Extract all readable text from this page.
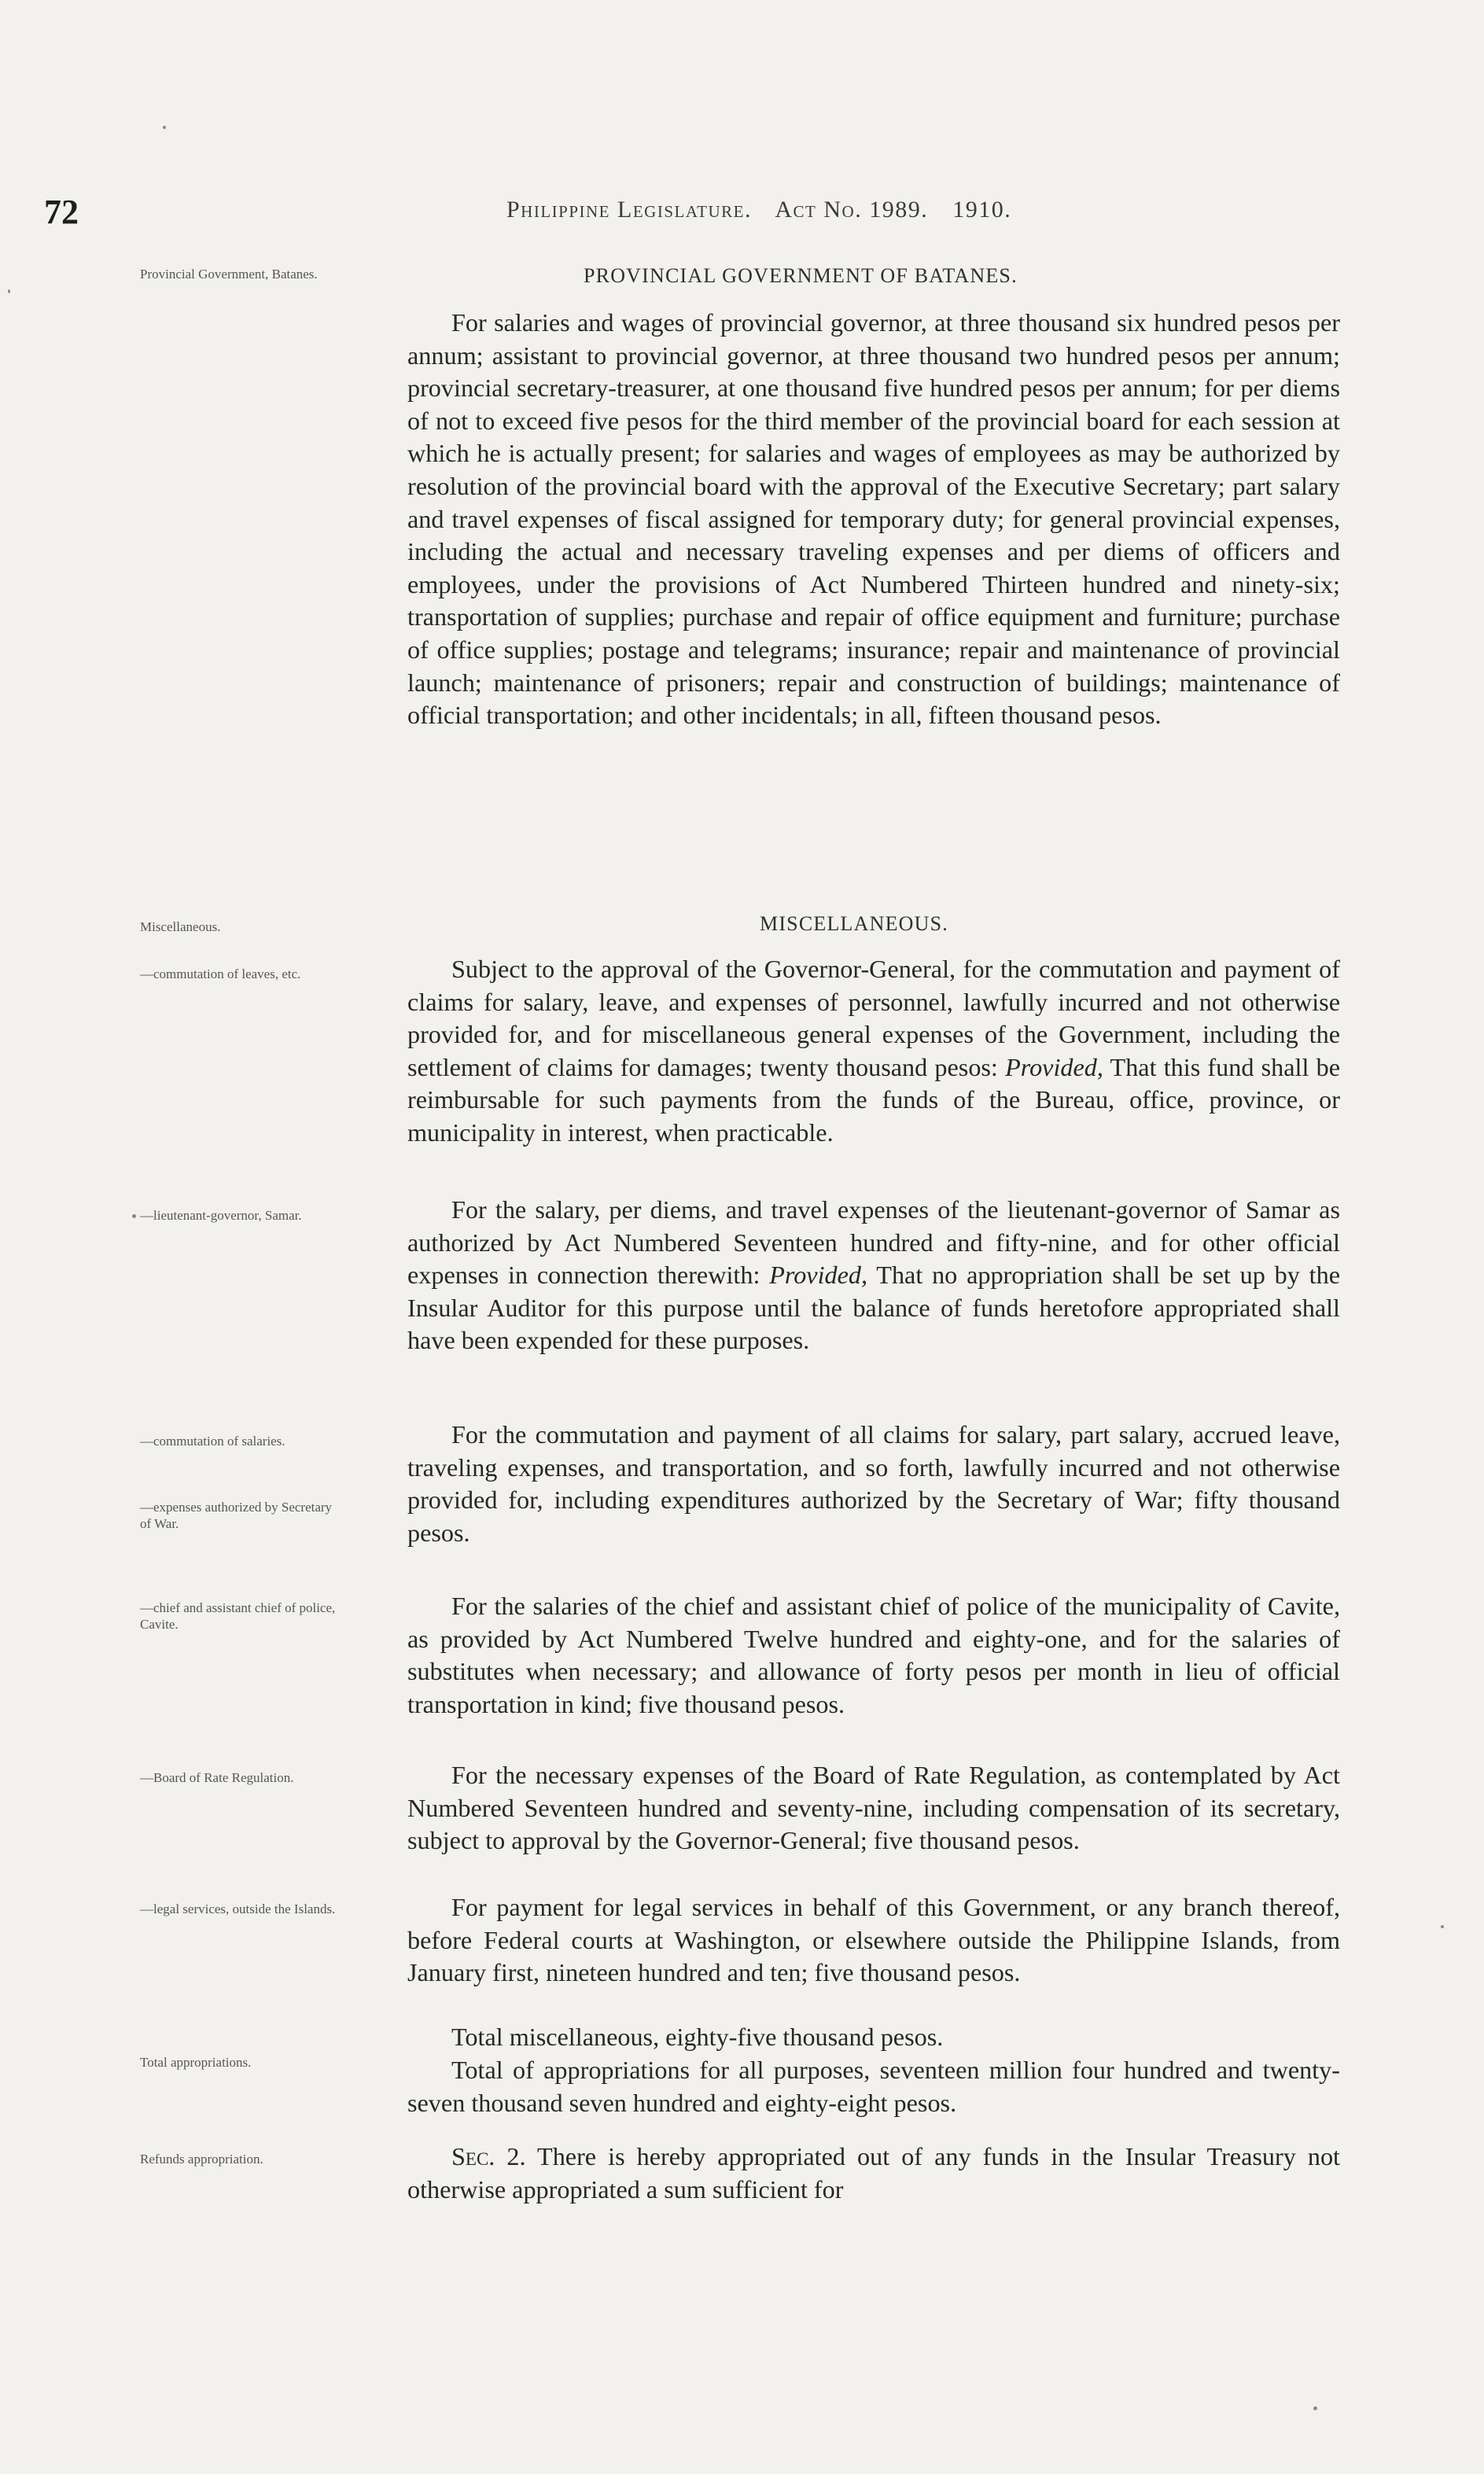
72	Philippine Legislature. Act No. 1989. 1910.
Provincial Government, Batanes.	PROVINCIAL GOVERNMENT OF BATANES.

For salaries and wages of provincial governor, at three thousand six hundred pesos per annum; assistant to provincial governor, at three thousand two hundred pesos per annum; provincial secretary-treasurer, at one thousand five hundred pesos per annum; for per diems of not to exceed five pesos for the third member of the provincial board for each session at which he is actually present; for salaries and wages of employees as may be authorized by resolution of the provincial board with the approval of the Executive Secretary; part salary and travel expenses of fiscal assigned for temporary duty; for general provincial expenses, including the actual and necessary traveling expenses and per diems of officers and employees, under the provisions of Act Numbered Thirteen hundred and ninety-six; transportation of supplies; purchase and repair of office equipment and furniture; purchase of office supplies; postage and telegrams; insurance; repair and maintenance of provincial launch; maintenance of prisoners; repair and construction of buildings; maintenance of official transportation; and other incidentals; in all, fifteen thousand pesos.

Miscellaneous.	MISCELLANEOUS.
—commutation of leaves, etc.	Subject to the approval of the Governor-General, for the commutation and payment of claims for salary, leave, and expenses of personnel, lawfully incurred and not otherwise provided for, and for miscellaneous general expenses of the Government, including the settlement of claims for damages; twenty thousand pesos: Provided, That this fund shall be reimbursable for such payments from the funds of the Bureau, office, province, or municipality in interest, when practicable.

—lieutenant-governor, Samar.	For the salary, per diems, and travel expenses of the lieutenant-governor of Samar as authorized by Act Numbered Seventeen hundred and fifty-nine, and for other official expenses in connection therewith: Provided, That no appropriation shall be set up by the Insular Auditor for this purpose until the balance of funds heretofore appropriated shall have been expended for these purposes.

—commutation of salaries.
—expenses authorized by Secretary of War.

For the commutation and payment of all claims for salary, part salary, accrued leave, traveling expenses, and transportation, and so forth, lawfully incurred and not otherwise provided for, including expenditures authorized by the Secretary of War; fifty thousand pesos.

—chief and assistant chief of police, Cavite.

For the salaries of the chief and assistant chief of police of the municipality of Cavite, as provided by Act Numbered Twelve hundred and eighty-one, and for the salaries of substitutes when necessary; and allowance of forty pesos per month in lieu of official transportation in kind; five thousand pesos.

—Board of Rate Regulation.	For the necessary expenses of the Board of Rate Regulation, as contemplated by Act Numbered Seventeen hundred and seventy-nine, including compensation of its secretary, subject to approval by the Governor-General; five thousand pesos.

—legal services, outside the Islands.	For payment for legal services in behalf of this Government, or any branch thereof, before Federal courts at Washington, or elsewhere outside the Philippine Islands, from January first, nineteen hundred and ten; five thousand pesos.

Total miscellaneous, eighty-five thousand pesos.

Total appropriations.	Total of appropriations for all purposes, seventeen million four hundred and twenty-seven thousand seven hundred and eighty-eight pesos.

Refunds appropriation.	Sec. 2. There is hereby appropriated out of any funds in the Insular Treasury not otherwise appropriated a sum sufficient for
